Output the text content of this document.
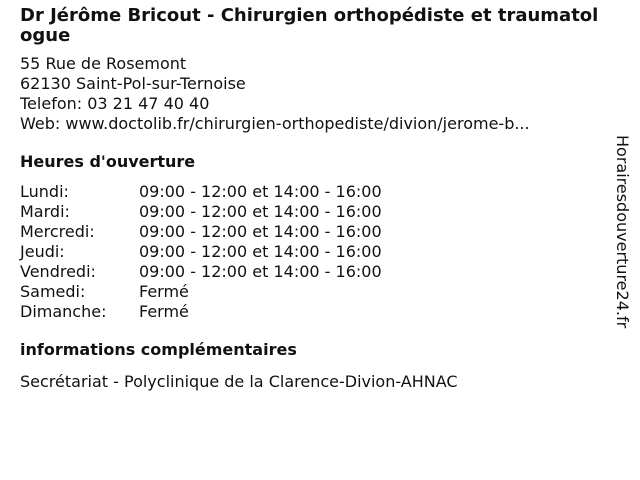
Dr Jérôme Bricout - Chirurgien orthopédiste et traumatologue
55 Rue de Rosemont
62130 Saint-Pol-sur-Ternoise
Telefon: 03 21 47 40 40
Web: www.doctolib.fr/chirurgien-orthopediste/divion/jerome-b...
Heures d'ouverture
Lundi:	09:00 - 12:00 et 14:00 - 16:00
Mardi:	09:00 - 12:00 et 14:00 - 16:00
Mercredi:	09:00 - 12:00 et 14:00 - 16:00
Jeudi:	09:00 - 12:00 et 14:00 - 16:00
Vendredi:	09:00 - 12:00 et 14:00 - 16:00
Samedi:	Fermé
Dimanche:	Fermé
informations complémentaires
Secrétariat - Polyclinique de la Clarence-Divion-AHNAC
Horairesdouverture24.fr
